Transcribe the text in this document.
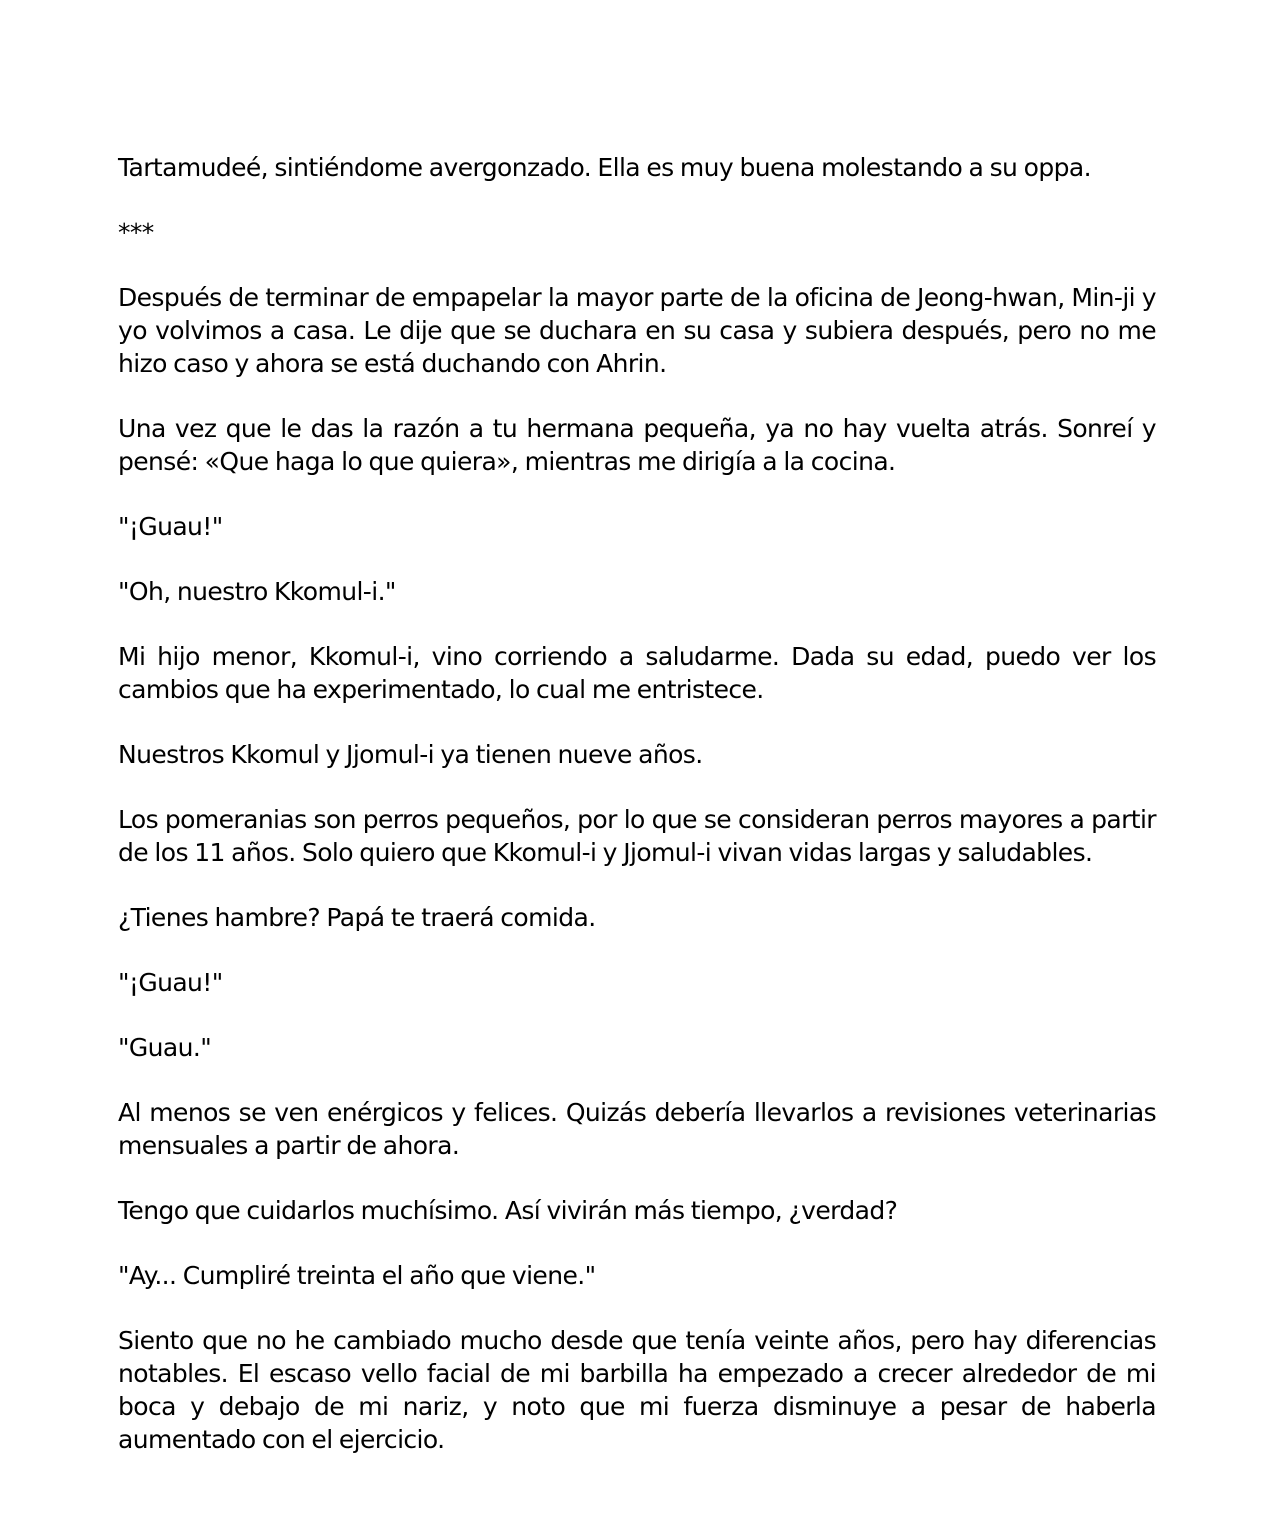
Tartamudeé, sintiéndome avergonzado. Ella es muy buena molestando a su oppa.

***

Después de terminar de empapelar la mayor parte de la oficina de Jeong-hwan, Min-ji y yo volvimos a casa. Le dije que se duchara en su casa y subiera después, pero no me hizo caso y ahora se está duchando con Ahrin.

Una vez que le das la razón a tu hermana pequeña, ya no hay vuelta atrás. Sonreí y pensé: «Que haga lo que quiera», mientras me dirigía a la cocina.

"¡Guau!"

"Oh, nuestro Kkomul-i."

Mi hijo menor, Kkomul-i, vino corriendo a saludarme. Dada su edad, puedo ver los cambios que ha experimentado, lo cual me entristece.

Nuestros Kkomul y Jjomul-i ya tienen nueve años.

Los pomeranias son perros pequeños, por lo que se consideran perros mayores a partir de los 11 años. Solo quiero que Kkomul-i y Jjomul-i vivan vidas largas y saludables.

¿Tienes hambre? Papá te traerá comida.

"¡Guau!"

"Guau."

Al menos se ven enérgicos y felices. Quizás debería llevarlos a revisiones veterinarias mensuales a partir de ahora.

Tengo que cuidarlos muchísimo. Así vivirán más tiempo, ¿verdad?

"Ay... Cumpliré treinta el año que viene."

Siento que no he cambiado mucho desde que tenía veinte años, pero hay diferencias notables. El escaso vello facial de mi barbilla ha empezado a crecer alrededor de mi boca y debajo de mi nariz, y noto que mi fuerza disminuye a pesar de haberla aumentado con el ejercicio.
